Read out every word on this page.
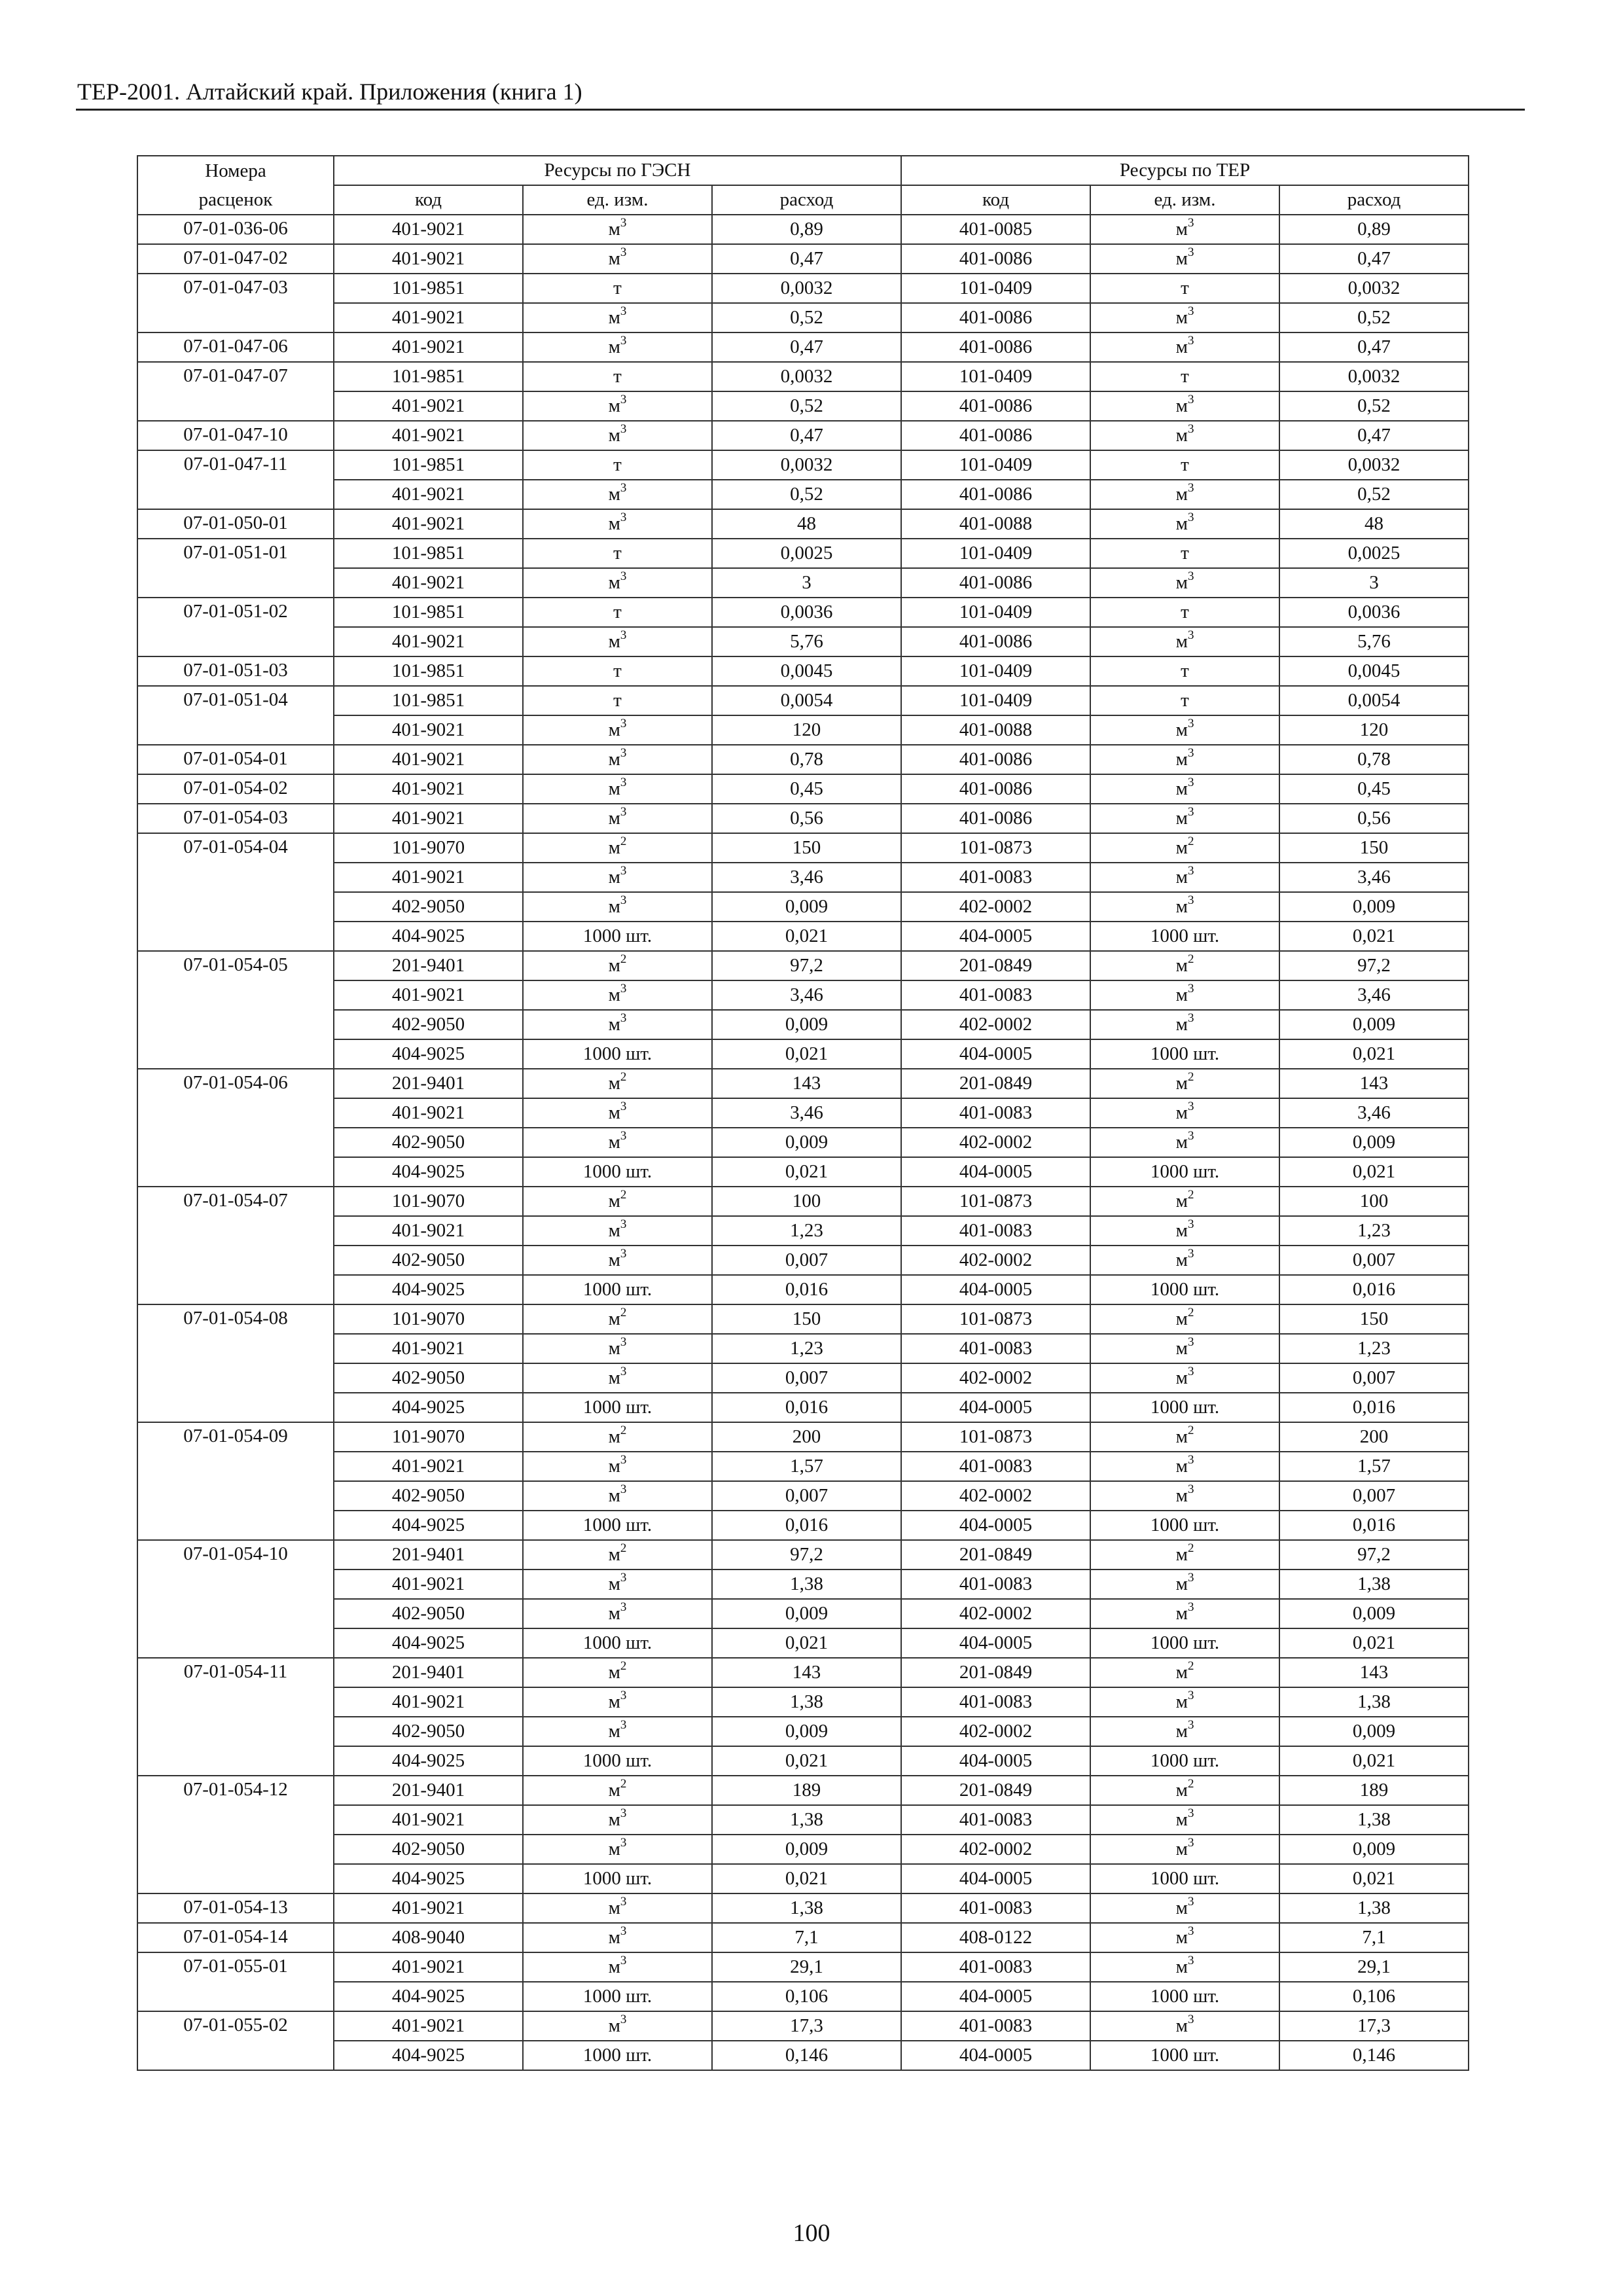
ТЕР-2001. Алтайский край. Приложения (книга 1)
Номера	Ресурсы по ГЭСН			Ресурсы по ТЕР		
расценок	код	ед. изм.	расход	код	ед. изм.	расход
07-01-036-06	401-9021	$м^3$	0,89	401-0085	$м^3$	0,89
07-01-047-02	401-9021	$м^3$	0,47	401-0086	$м^3$	0,47
07-01-047-03	101-9851	т	0,0032	101-0409	т	0,0032
	401-9021	$м^3$	0,52	401-0086	$м^3$	0,52
07-01-047-06	401-9021	$м^3$	0,47	401-0086	$м^3$	0,47
07-01-047-07	101-9851	т	0,0032	101-0409	т	0,0032
	401-9021	$м^3$	0,52	401-0086	$м^3$	0,52
07-01-047-10	401-9021	$м^3$	0,47	401-0086	$м^3$	0,47
07-01-047-11	101-9851	т	0,0032	101-0409	т	0,0032
	401-9021	$м^3$	0,52	401-0086	$м^3$	0,52
07-01-050-01	401-9021	$м^3$	48	401-0088	$м^3$	48
07-01-051-01	101-9851	т	0,0025	101-0409	т	0,0025
	401-9021	$м^3$	3	401-0086	$м^3$	3
07-01-051-02	101-9851	т	0,0036	101-0409	т	0,0036
	401-9021	$м^3$	5,76	401-0086	$м^3$	5,76
07-01-051-03	101-9851	т	0,0045	101-0409	т	0,0045
07-01-051-04	101-9851	т	0,0054	101-0409	т	0,0054
	401-9021	$м^3$	120	401-0088	$м^3$	120
07-01-054-01	401-9021	$м^3$	0,78	401-0086	$м^3$	0,78
07-01-054-02	401-9021	$м^3$	0,45	401-0086	$м^3$	0,45
07-01-054-03	401-9021	$м^3$	0,56	401-0086	$м^3$	0,56
07-01-054-04	101-9070	$м^2$	150	101-0873	$м^2$	150
	401-9021	$м^3$	3,46	401-0083	$м^3$	3,46
	402-9050	$м^3$	0,009	402-0002	$м^3$	0,009
	404-9025	1000 шт.	0,021	404-0005	1000 шт.	0,021
07-01-054-05	201-9401	$м^2$	97,2	201-0849	$м^2$	97,2
	401-9021	$м^3$	3,46	401-0083	$м^3$	3,46
	402-9050	$м^3$	0,009	402-0002	$м^3$	0,009
	404-9025	1000 шт.	0,021	404-0005	1000 шт.	0,021
07-01-054-06	201-9401	$м^2$	143	201-0849	$м^2$	143
	401-9021	$м^3$	3,46	401-0083	$м^3$	3,46
	402-9050	$м^3$	0,009	402-0002	$м^3$	0,009
	404-9025	1000 шт.	0,021	404-0005	1000 шт.	0,021
07-01-054-07	101-9070	$м^2$	100	101-0873	$м^2$	100
	401-9021	$м^3$	1,23	401-0083	$м^3$	1,23
	402-9050	$м^3$	0,007	402-0002	$м^3$	0,007
	404-9025	1000 шт.	0,016	404-0005	1000 шт.	0,016
07-01-054-08	101-9070	$м^2$	150	101-0873	$м^2$	150
	401-9021	$м^3$	1,23	401-0083	$м^3$	1,23
	402-9050	$м^3$	0,007	402-0002	$м^3$	0,007
	404-9025	1000 шт.	0,016	404-0005	1000 шт.	0,016
07-01-054-09	101-9070	$м^2$	200	101-0873	$м^2$	200
	401-9021	$м^3$	1,57	401-0083	$м^3$	1,57
	402-9050	$м^3$	0,007	402-0002	$м^3$	0,007
	404-9025	1000 шт.	0,016	404-0005	1000 шт.	0,016
07-01-054-10	201-9401	$м^2$	97,2	201-0849	$м^2$	97,2
	401-9021	$м^3$	1,38	401-0083	$м^3$	1,38
	402-9050	$м^3$	0,009	402-0002	$м^3$	0,009
	404-9025	1000 шт.	0,021	404-0005	1000 шт.	0,021
07-01-054-11	201-9401	$м^2$	143	201-0849	$м^2$	143
	401-9021	$м^3$	1,38	401-0083	$м^3$	1,38
	402-9050	$м^3$	0,009	402-0002	$м^3$	0,009
	404-9025	1000 шт.	0,021	404-0005	1000 шт.	0,021
07-01-054-12	201-9401	$м^2$	189	201-0849	$м^2$	189
	401-9021	$м^3$	1,38	401-0083	$м^3$	1,38
	402-9050	$м^3$	0,009	402-0002	$м^3$	0,009
	404-9025	1000 шт.	0,021	404-0005	1000 шт.	0,021
07-01-054-13	401-9021	$м^3$	1,38	401-0083	$м^3$	1,38
07-01-054-14	408-9040	$м^3$	7,1	408-0122	$м^3$	7,1
07-01-055-01	401-9021	$м^3$	29,1	401-0083	$м^3$	29,1
	404-9025	1000 шт.	0,106	404-0005	1000 шт.	0,106
07-01-055-02	401-9021	$м^3$	17,3	401-0083	$м^3$	17,3
	404-9025	1000 шт.	0,146	404-0005	1000 шт.	0,146
100
